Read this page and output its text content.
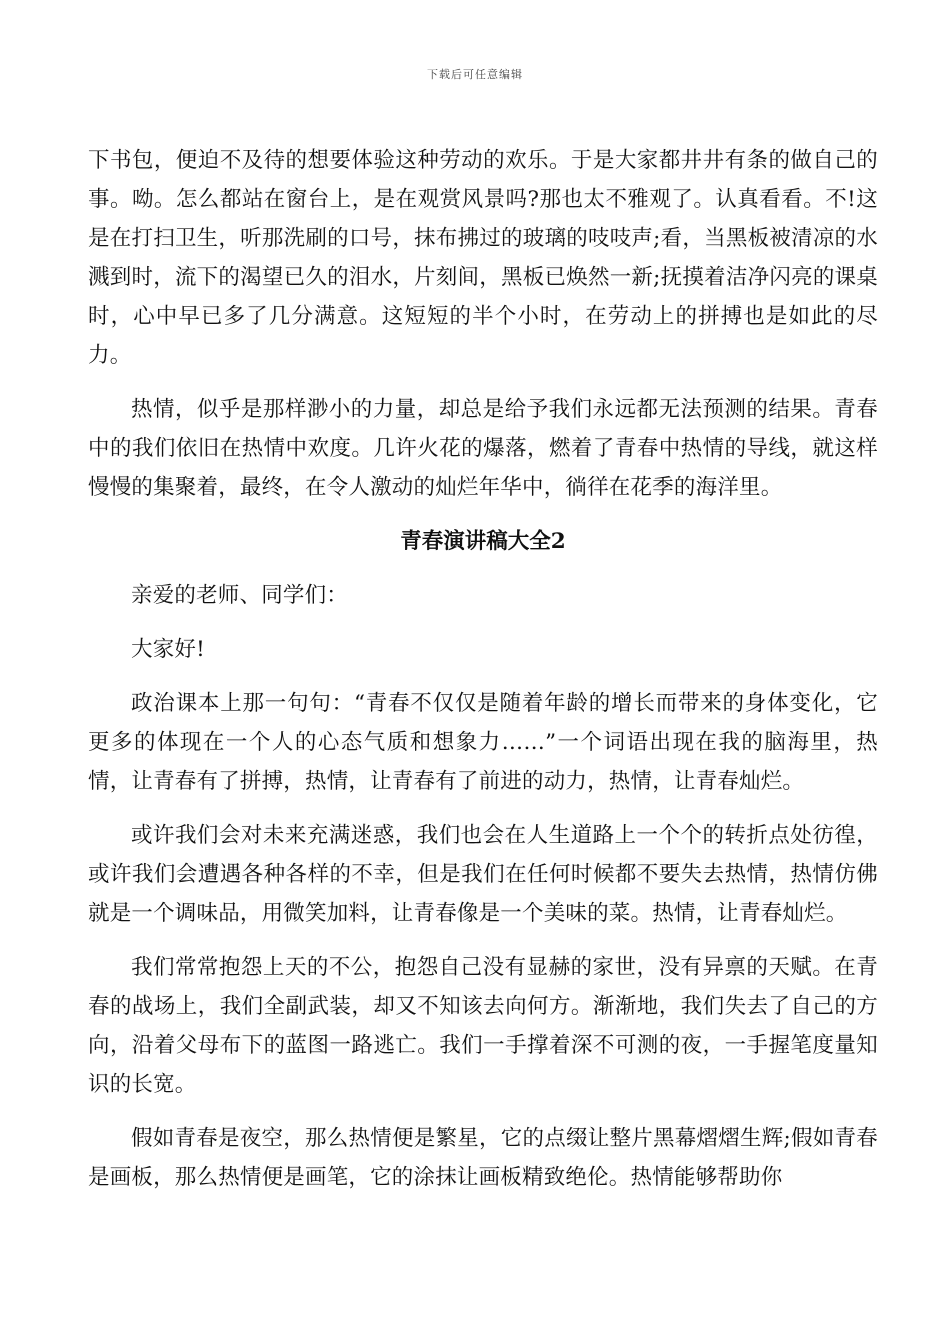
下载后可任意编辑

下书包，便迫不及待的想要体验这种劳动的欢乐。于是大家都井井有条的做自己的事。呦。怎么都站在窗台上，是在观赏风景吗?那也太不雅观了。认真看看。不!这是在打扫卫生，听那洗刷的口号，抹布拂过的玻璃的吱吱声;看，当黑板被清凉的水溅到时，流下的渴望已久的泪水，片刻间，黑板已焕然一新;抚摸着洁净闪亮的课桌时，心中早已多了几分满意。这短短的半个小时，在劳动上的拼搏也是如此的尽力。

热情，似乎是那样渺小的力量，却总是给予我们永远都无法预测的结果。青春中的我们依旧在热情中欢度。几许火花的爆落，燃着了青春中热情的导线，就这样慢慢的集聚着，最终，在令人激动的灿烂年华中，徜徉在花季的海洋里。

青春演讲稿大全2

亲爱的老师、同学们：

大家好!

政治课本上那一句句：“青春不仅仅是随着年龄的增长而带来的身体变化，它更多的体现在一个人的心态气质和想象力……”一个词语出现在我的脑海里，热情，让青春有了拼搏，热情，让青春有了前进的动力，热情，让青春灿烂。

或许我们会对未来充满迷惑，我们也会在人生道路上一个个的转折点处彷徨，或许我们会遭遇各种各样的不幸，但是我们在任何时候都不要失去热情，热情仿佛就是一个调味品，用微笑加料，让青春像是一个美味的菜。热情，让青春灿烂。

我们常常抱怨上天的不公，抱怨自己没有显赫的家世，没有异禀的天赋。在青春的战场上，我们全副武装，却又不知该去向何方。渐渐地，我们失去了自己的方向，沿着父母布下的蓝图一路逃亡。我们一手撑着深不可测的夜，一手握笔度量知识的长宽。

假如青春是夜空，那么热情便是繁星，它的点缀让整片黑幕熠熠生辉;假如青春是画板，那么热情便是画笔，它的涂抹让画板精致绝伦。热情能够帮助你
